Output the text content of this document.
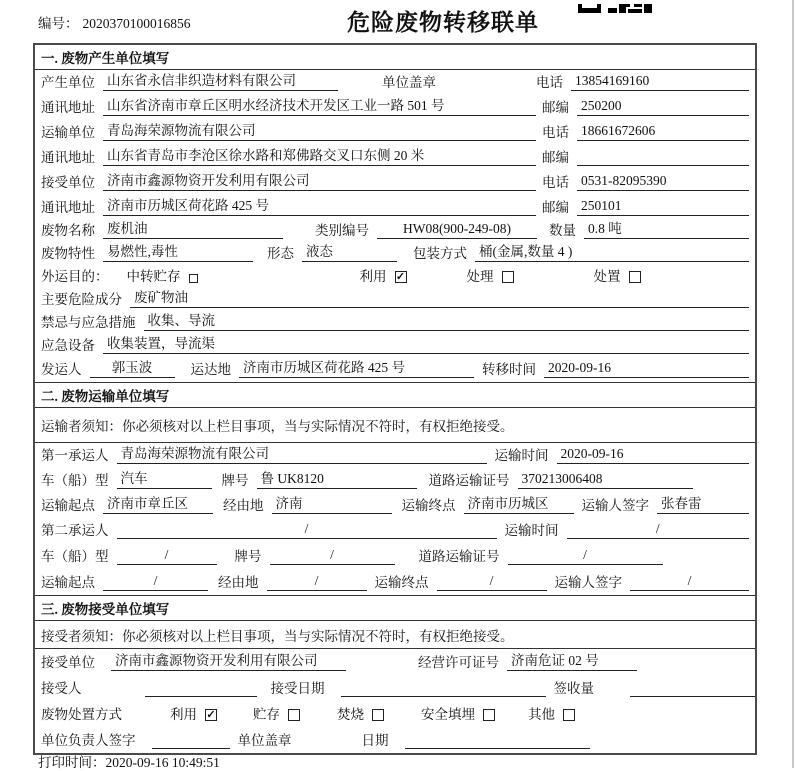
编号： 2020370100016856	危险废物转移联单
一. 废物产生单位填写
产生单位 山东省永信非织造材料有限公司	单位盖章	电话 13854169160
通讯地址 山东省济南市章丘区明水经济技术开发区工业一路 501 号	邮编 250200
运输单位 青岛海荣源物流有限公司	电话 18661672606
通讯地址 山东省青岛市李沧区徐水路和郑佛路交叉口东侧 20 米	邮编
接受单位 济南市鑫源物资开发利用有限公司	电话 0531-82095390
通讯地址 济南市历城区荷花路 425 号	邮编 250101
废物名称 废机油	类别编号	HW08(900-249-08)	数量 0.8 吨
废物特性 易燃性,毒性	形态 液态	包装方式 桶(金属,数量 4 )
外运目的： 中转贮存	利用 ✓	处理	处置
主要危险成分 废矿物油
禁忌与应急措施 收集、导流
应急设备 收集装置，导流渠
发运人	郭玉波	运达地 济南市历城区荷花路 425 号	转移时间 2020-09-16
二. 废物运输单位填写
运输者须知：你必须核对以上栏目事项，当与实际情况不符时，有权拒绝接受。
第一承运人 青岛海荣源物流有限公司	运输时间 2020-09-16
车（船）型 汽车	牌号 鲁 UK8120	道路运输证号 370213006408
运输起点 济南市章丘区	经由地 济南	运输终点 济南市历城区	运输人签字 张春雷
第二承运人	/	运输时间	/
车（船）型	/	牌号	/	道路运输证号	/
运输起点	/	经由地	/	运输终点	/	运输人签字	/
三. 废物接受单位填写
接受者须知：你必须核对以上栏目事项，当与实际情况不符时，有权拒绝接受。
接受单位 济南市鑫源物资开发利用有限公司	经营许可证号 济南危证 02 号
接受人	接受日期	签收量
废物处置方式	利用 ✓	贮存	焚烧	安全填埋	其他
单位负责人签字	单位盖章	日期
打印时间：2020-09-16 10:49:51
